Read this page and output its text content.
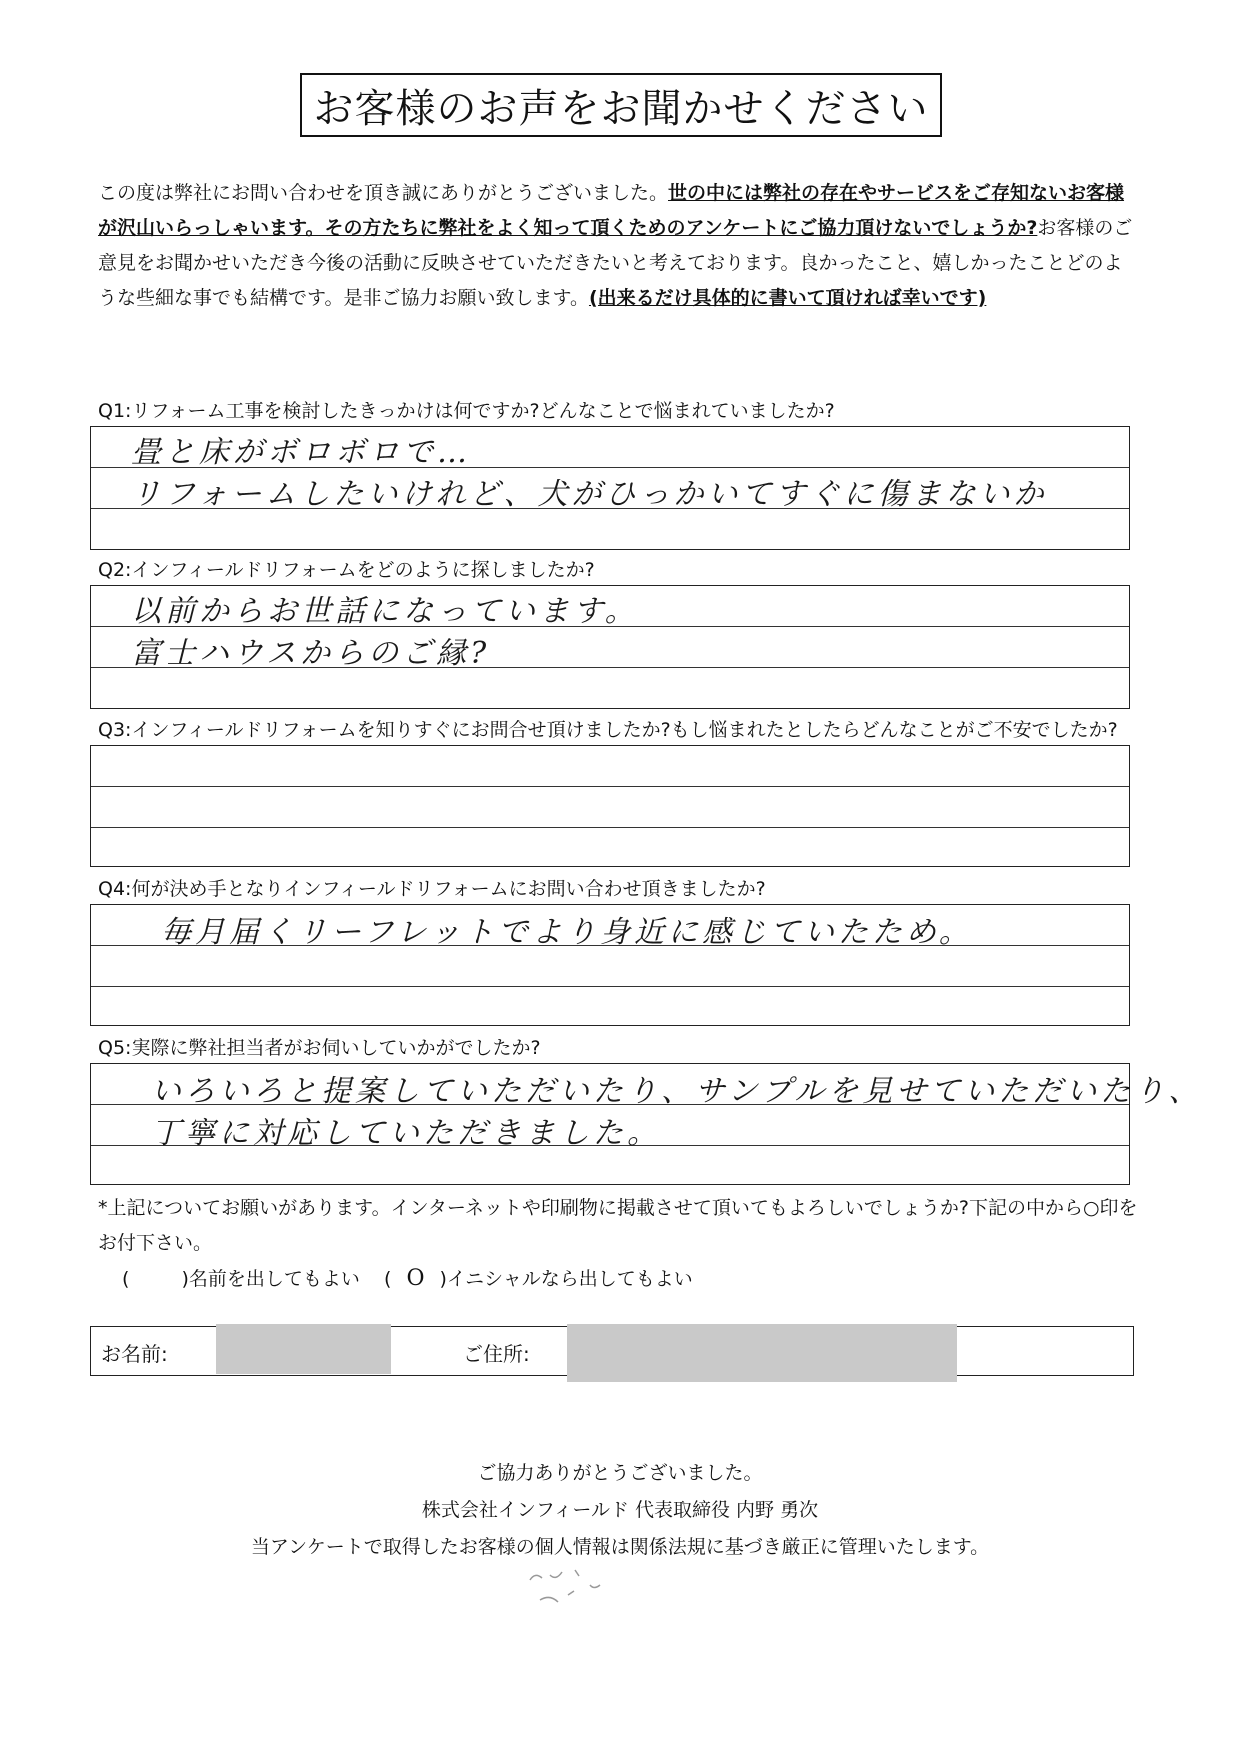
お客様のお声をお聞かせください
この度は弊社にお問い合わせを頂き誠にありがとうございました。世の中には弊社の存在やサービスをご存知ないお客様が沢山いらっしゃいます。その方たちに弊社をよく知って頂くためのアンケートにご協力頂けないでしょうか?お客様のご意見をお聞かせいただき今後の活動に反映させていただきたいと考えております。良かったこと、嬉しかったことどのような些細な事でも結構です。是非ご協力お願い致します。(出来るだけ具体的に書いて頂ければ幸いです)
Q1:リフォーム工事を検討したきっかけは何ですか?どんなことで悩まれていましたか?
畳と床がボロボロで…
リフォームしたいけれど、犬がひっかいてすぐに傷まないか
Q2:インフィールドリフォームをどのように探しましたか?
以前からお世話になっています。
富士ハウスからのご縁?
Q3:インフィールドリフォームを知りすぐにお問合せ頂けましたか?もし悩まれたとしたらどんなことがご不安でしたか?
Q4:何が決め手となりインフィールドリフォームにお問い合わせ頂きましたか?
毎月届くリーフレットでより身近に感じていたため。
Q5:実際に弊社担当者がお伺いしていかがでしたか?
いろいろと提案していただいたり、サンプルを見せていただいたり、
丁寧に対応していただきました。
*上記についてお願いがあります。インターネットや印刷物に掲載させて頂いてもよろしいでしょうか?下記の中から○印を
お付下さい。
(	)名前を出してもよい ( O )イニシャルなら出してもよい
お名前:	ご住所:
ご協力ありがとうございました。
株式会社インフィールド 代表取締役 内野 勇次
当アンケートで取得したお客様の個人情報は関係法規に基づき厳正に管理いたします。
